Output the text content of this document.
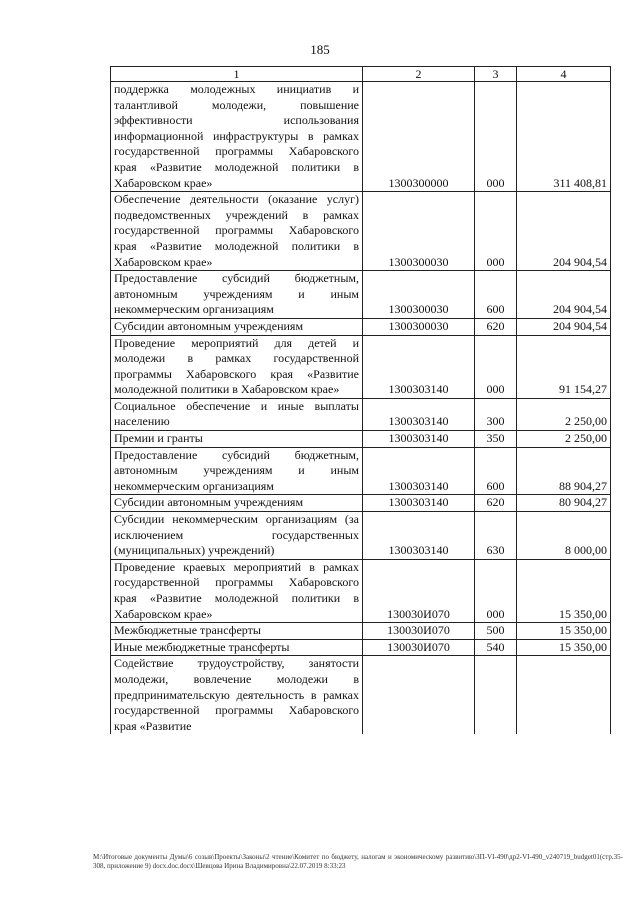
185
1	2	3	4
поддержка молодежных инициатив и талантливой молодежи, повышение эффективности использования информационной инфраструктуры в рамках государственной программы Хабаровского края «Развитие молодежной политики в Хабаровском крае»	1300300000	000	311 408,81
Обеспечение деятельности (оказание услуг) подведомственных учреждений в рамках государственной программы Хабаровского края «Развитие молодежной политики в Хабаровском крае»	1300300030	000	204 904,54
Предоставление субсидий бюджетным, автономным учреждениям и иным некоммерческим организациям	1300300030	600	204 904,54
Субсидии автономным учреждениям	1300300030	620	204 904,54
Проведение мероприятий для детей и молодежи в рамках государственной программы Хабаровского края «Развитие молодежной политики в Хабаровском крае»	1300303140	000	91 154,27
Социальное обеспечение и иные выплаты населению	1300303140	300	2 250,00
Премии и гранты	1300303140	350	2 250,00
Предоставление субсидий бюджетным, автономным учреждениям и иным некоммерческим организациям	1300303140	600	88 904,27
Субсидии автономным учреждениям	1300303140	620	80 904,27
Субсидии некоммерческим организациям (за исключением государственных (муниципальных) учреждений)	1300303140	630	8 000,00
Проведение краевых мероприятий в рамках государственной программы Хабаровского края «Развитие молодежной политики в Хабаровском крае»	130030И070	000	15 350,00
Межбюджетные трансферты	130030И070	500	15 350,00
Иные межбюджетные трансферты	130030И070	540	15 350,00
Содействие трудоустройству, занятости молодежи, вовлечение молодежи в предпринимательскую деятельность в рамках государственной программы Хабаровского края «Развитие			
M:\Итоговые документы Думы\6 созыв\Проекты\Законы\2 чтение\Комитет по бюджету, налогам и экономическому развитию\ЗП-VI-490\др2-VI-490_v240719_budget01(стр.35-308, приложение 9) docx.doc.docx\Шевцова Ирина Владимировна\22.07.2019 8:33:23
